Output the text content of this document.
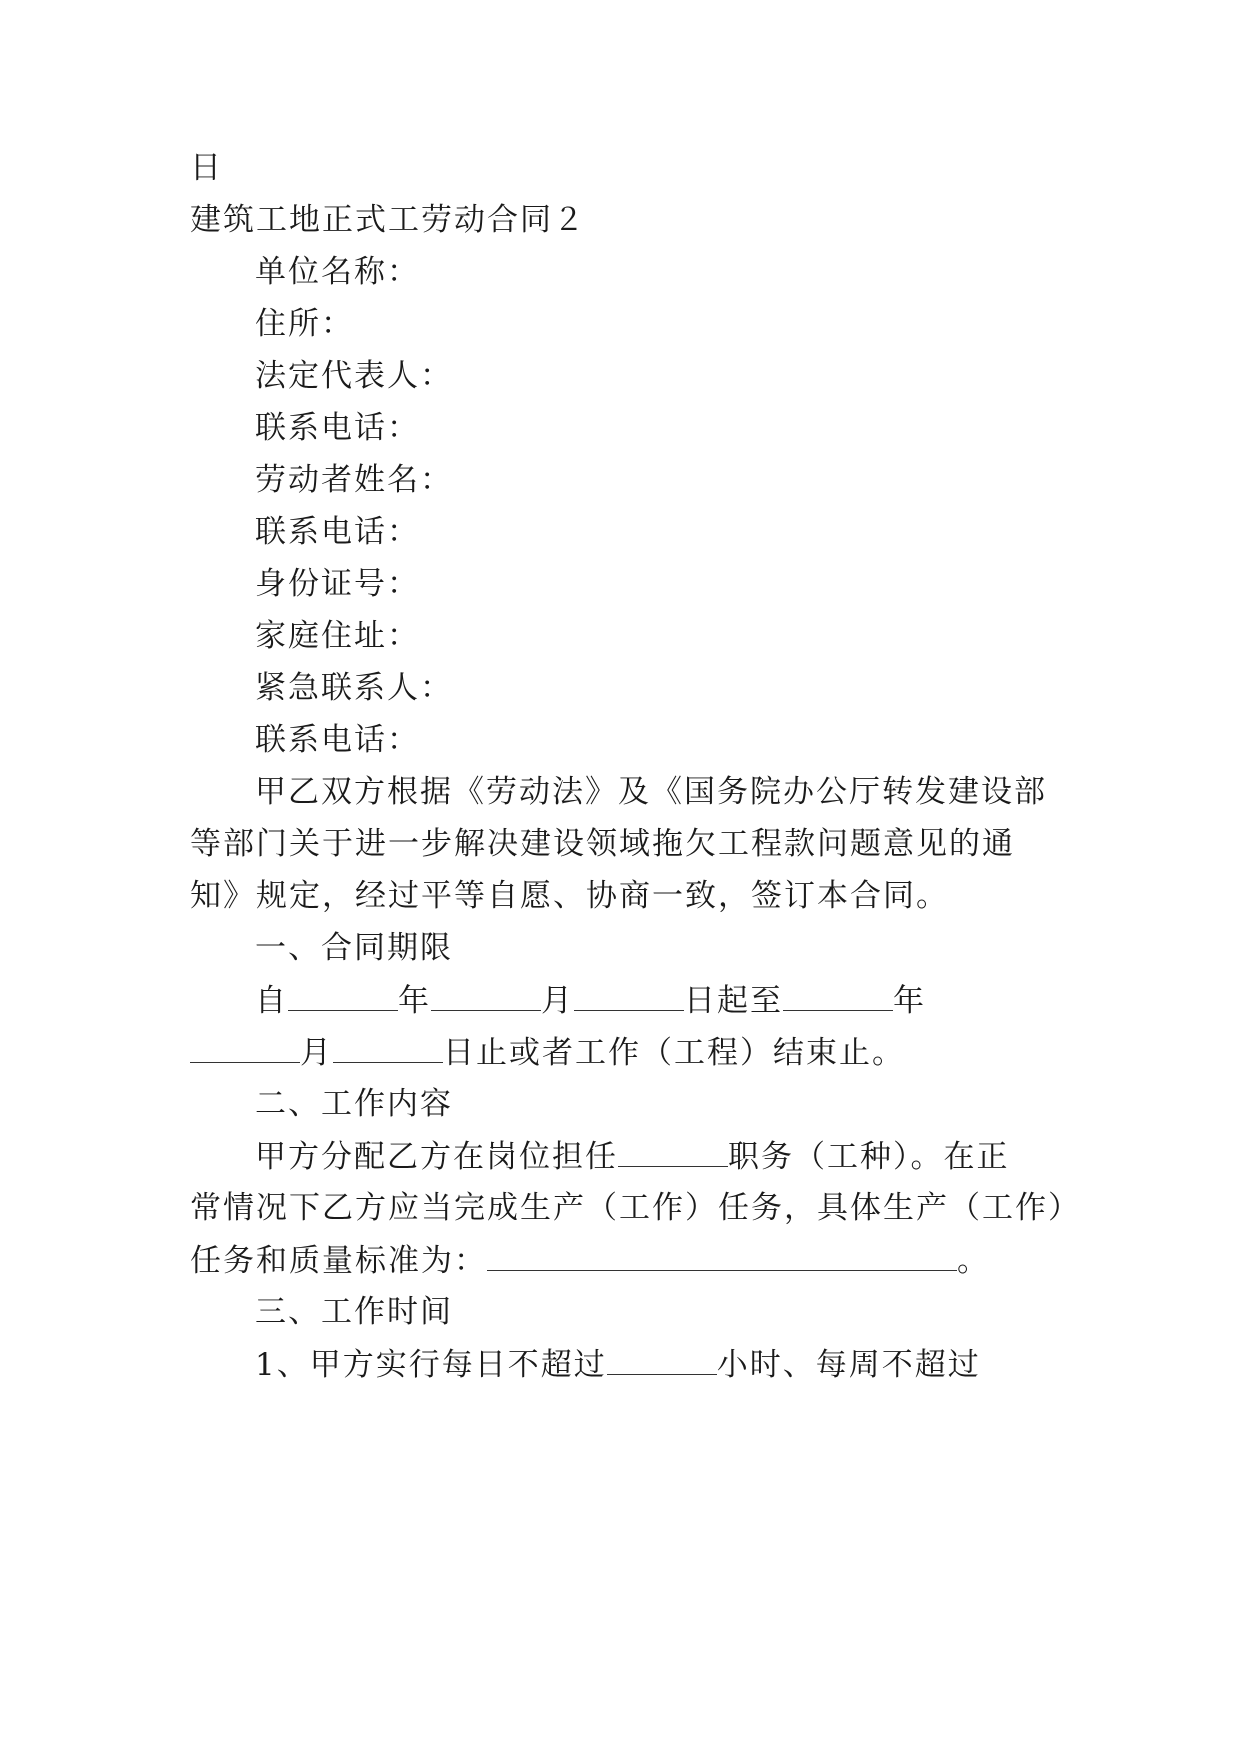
日
建筑工地正式工劳动合同２
单位名称：
住所：
法定代表人：
联系电话：
劳动者姓名：
联系电话：
身份证号：
家庭住址：
紧急联系人：
联系电话：
甲乙双方根据《劳动法》及《国务院办公厅转发建设部
等部门关于进一步解决建设领域拖欠工程款问题意见的通
知》规定，经过平等自愿、协商一致，签订本合同。
一、合同期限
自	年	月	日起至	年
月	日止或者工作（工程）结束止。
二、工作内容
甲方分配乙方在岗位担任	职务（工种）。在正
常情况下乙方应当完成生产（工作）任务，具体生产（工作）
任务和质量标准为：	。
三、工作时间
1、甲方实行每日不超过	小时、每周不超过
